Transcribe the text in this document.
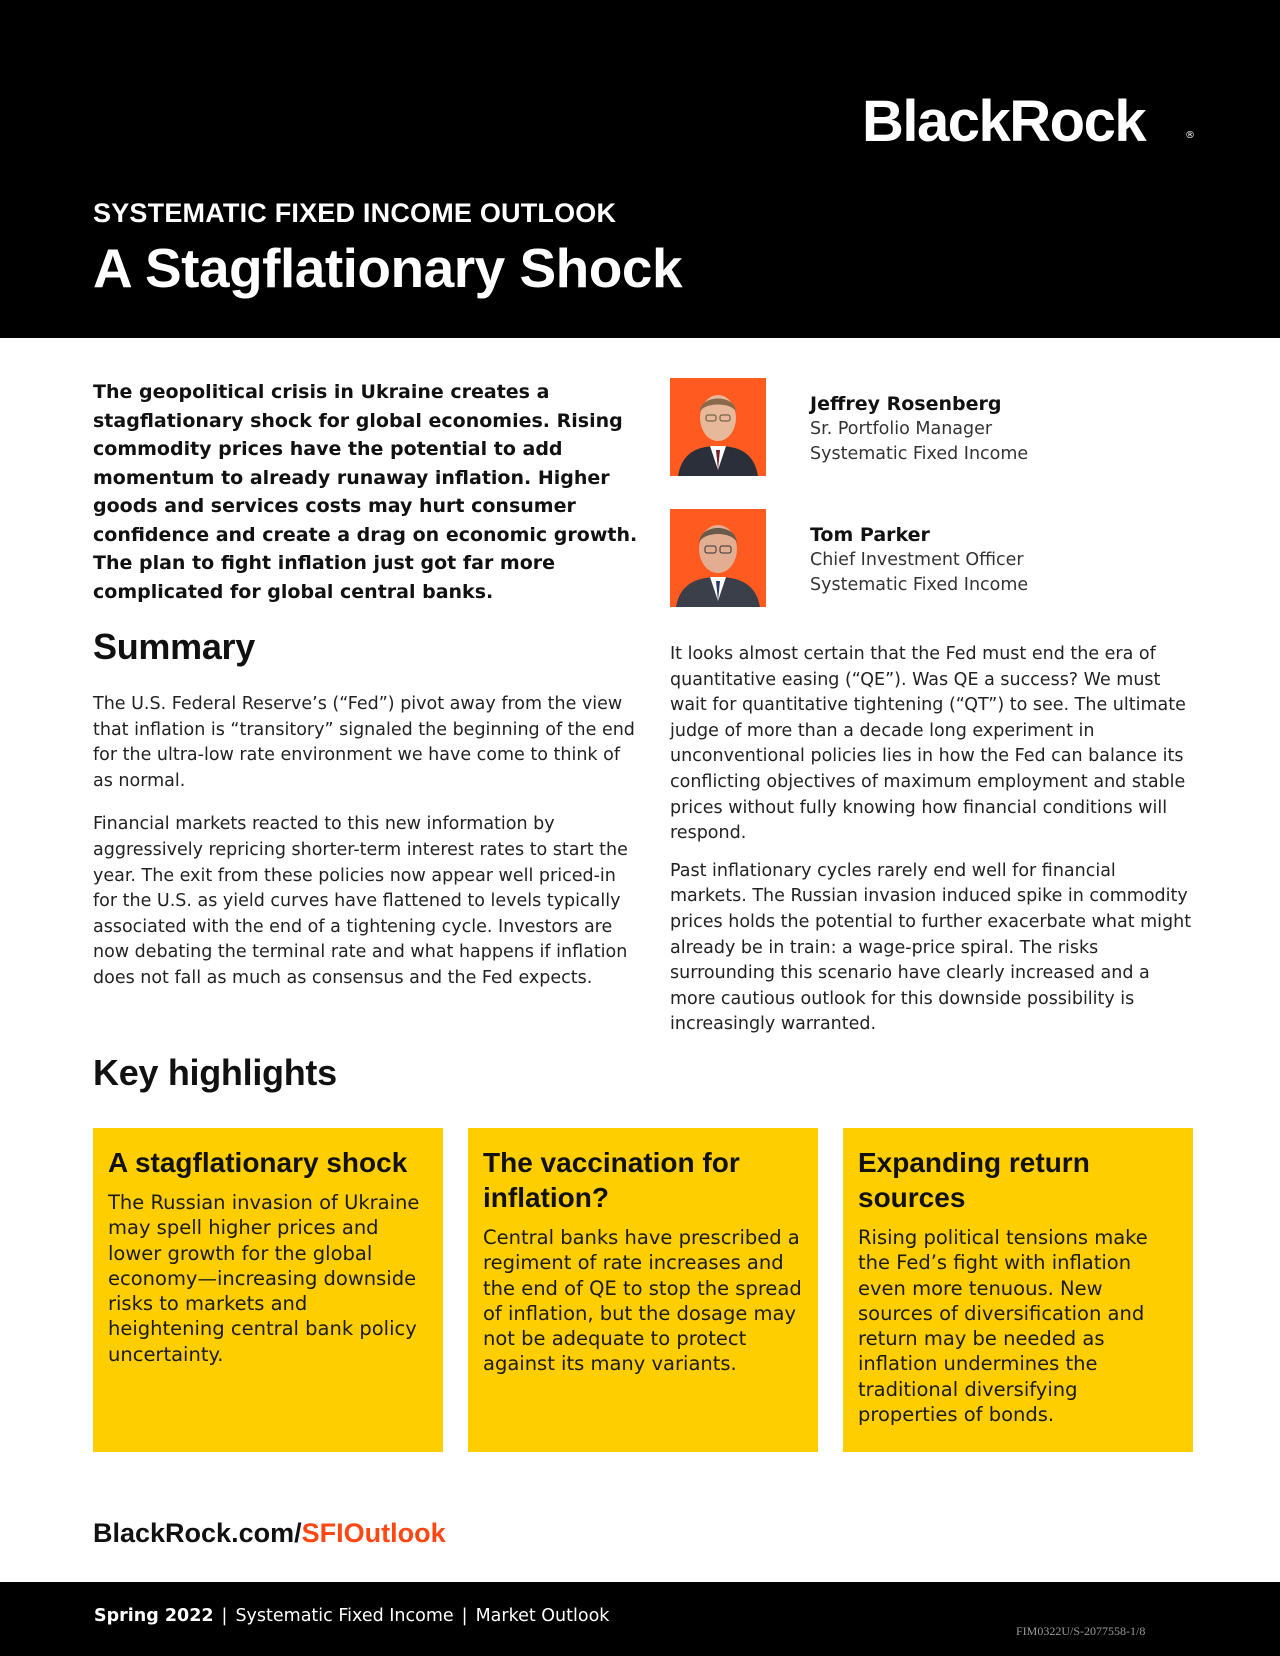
BlackRock	®
SYSTEMATIC FIXED INCOME OUTLOOK
A Stagflationary Shock

The geopolitical crisis in Ukraine creates a stagflationary shock for global economies. Rising commodity prices have the potential to add momentum to already runaway inflation. Higher goods and services costs may hurt consumer confidence and create a drag on economic growth. The plan to fight inflation just got far more complicated for global central banks.

Jeffrey Rosenberg
Sr. Portfolio Manager
Systematic Fixed Income
Tom Parker
Chief Investment Officer
Systematic Fixed Income
Summary

The U.S. Federal Reserve’s (“Fed”) pivot away from the view that inflation is “transitory” signaled the beginning of the end for the ultra-low rate environment we have come to think of as normal.

Financial markets reacted to this new information by aggressively repricing shorter-term interest rates to start the year. The exit from these policies now appear well priced-in for the U.S. as yield curves have flattened to levels typically associated with the end of a tightening cycle. Investors are now debating the terminal rate and what happens if inflation does not fall as much as consensus and the Fed expects.

It looks almost certain that the Fed must end the era of quantitative easing (“QE”). Was QE a success? We must wait for quantitative tightening (“QT”) to see. The ultimate judge of more than a decade long experiment in unconventional policies lies in how the Fed can balance its conflicting objectives of maximum employment and stable prices without fully knowing how financial conditions will respond.

Past inflationary cycles rarely end well for financial markets. The Russian invasion induced spike in commodity prices holds the potential to further exacerbate what might already be in train: a wage-price spiral. The risks surrounding this scenario have clearly increased and a more cautious outlook for this downside possibility is increasingly warranted.

Key highlights
A stagflationary shock
The Russian invasion of Ukraine may spell higher prices and lower growth for the global economy—increasing downside risks to markets and heightening central bank policy uncertainty.
The vaccination for inflation?
Central banks have prescribed a regiment of rate increases and the end of QE to stop the spread of inflation, but the dosage may not be adequate to protect against its many variants.
Expanding return sources
Rising political tensions make the Fed’s fight with inflation even more tenuous. New sources of diversification and return may be needed as inflation undermines the traditional diversifying properties of bonds.
BlackRock.com/SFIOutlook
Spring 2022 | Systematic Fixed Income | Market Outlook
FIM0322U/S-2077558-1/8
